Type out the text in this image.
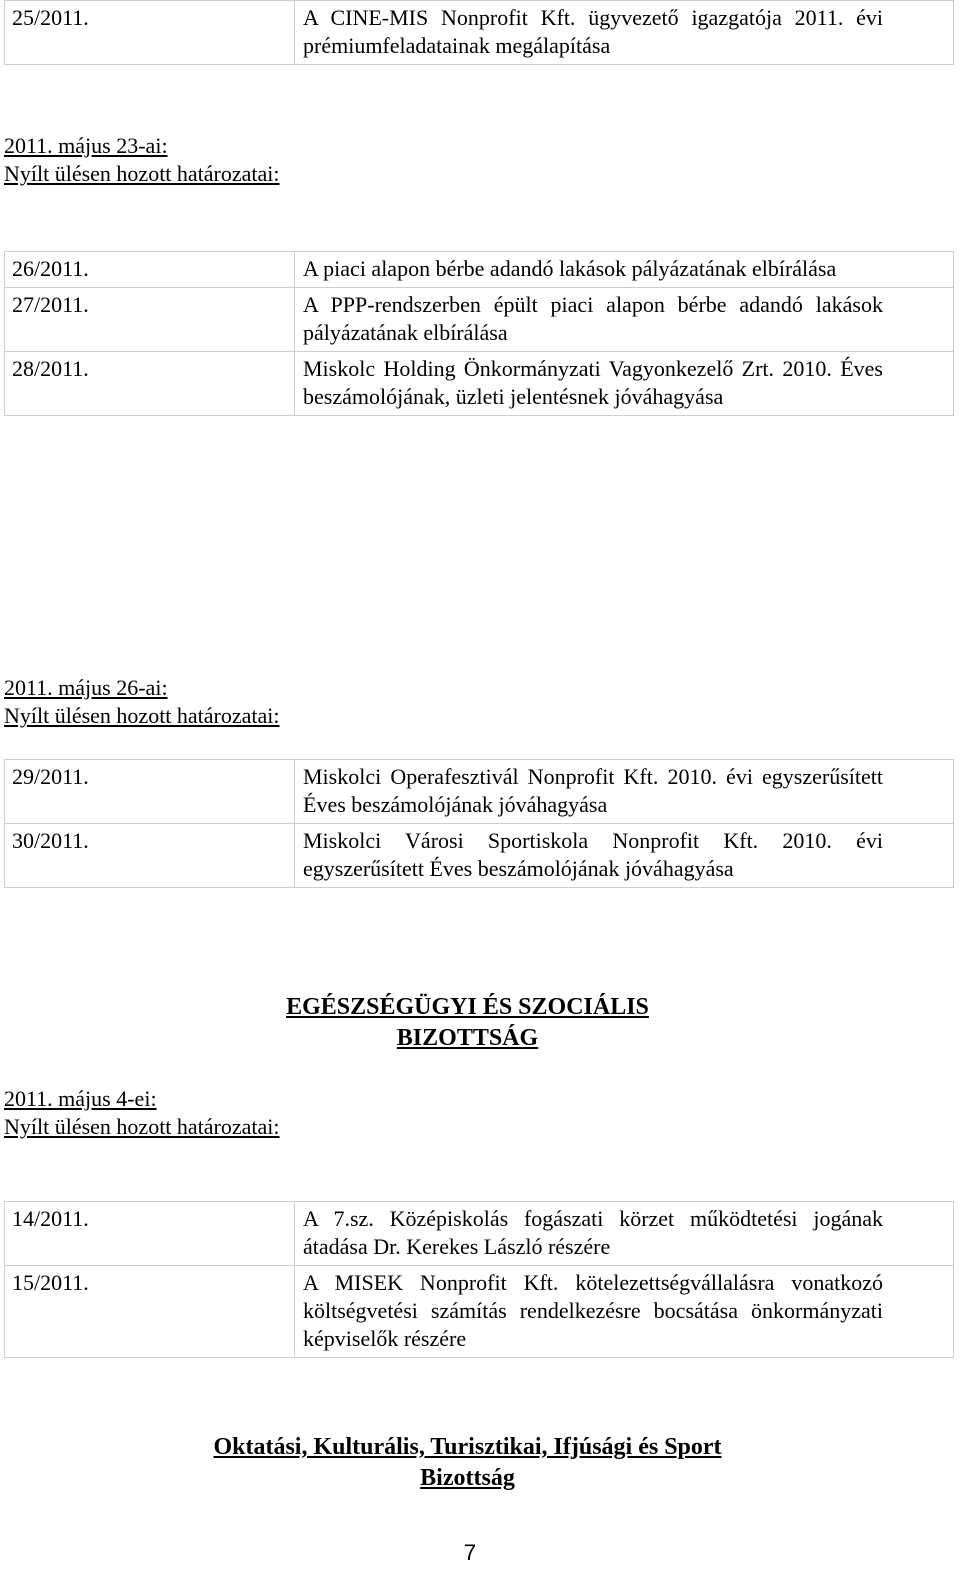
25/2011.	A CINE-MIS Nonprofit Kft. ügyvezető igazgatója 2011. évi prémiumfeladatainak megálapítása
2011. május 23-ai:
Nyílt ülésen hozott határozatai:
26/2011.	A piaci alapon bérbe adandó lakások pályázatának elbírálása
27/2011.	A PPP-rendszerben épült piaci alapon bérbe adandó lakások pályázatának elbírálása
28/2011.	Miskolc Holding Önkormányzati Vagyonkezelő Zrt. 2010. Éves beszámolójának, üzleti jelentésnek jóváhagyása
2011. május 26-ai:
Nyílt ülésen hozott határozatai:
29/2011.	Miskolci Operafesztivál Nonprofit Kft. 2010. évi egyszerűsített Éves beszámolójának jóváhagyása
30/2011.	Miskolci Városi Sportiskola Nonprofit Kft. 2010. évi egyszerűsített Éves beszámolójának jóváhagyása
EGÉSZSÉGÜGYI ÉS SZOCIÁLIS
BIZOTTSÁG
2011. május 4-ei:
Nyílt ülésen hozott határozatai:
14/2011.	A 7.sz. Középiskolás fogászati körzet működtetési jogának átadása Dr. Kerekes László részére
15/2011.	A MISEK Nonprofit Kft. kötelezettségvállalásra vonatkozó költségvetési számítás rendelkezésre bocsátása önkormányzati képviselők részére
Oktatási, Kulturális, Turisztikai, Ifjúsági és Sport
Bizottság
7
